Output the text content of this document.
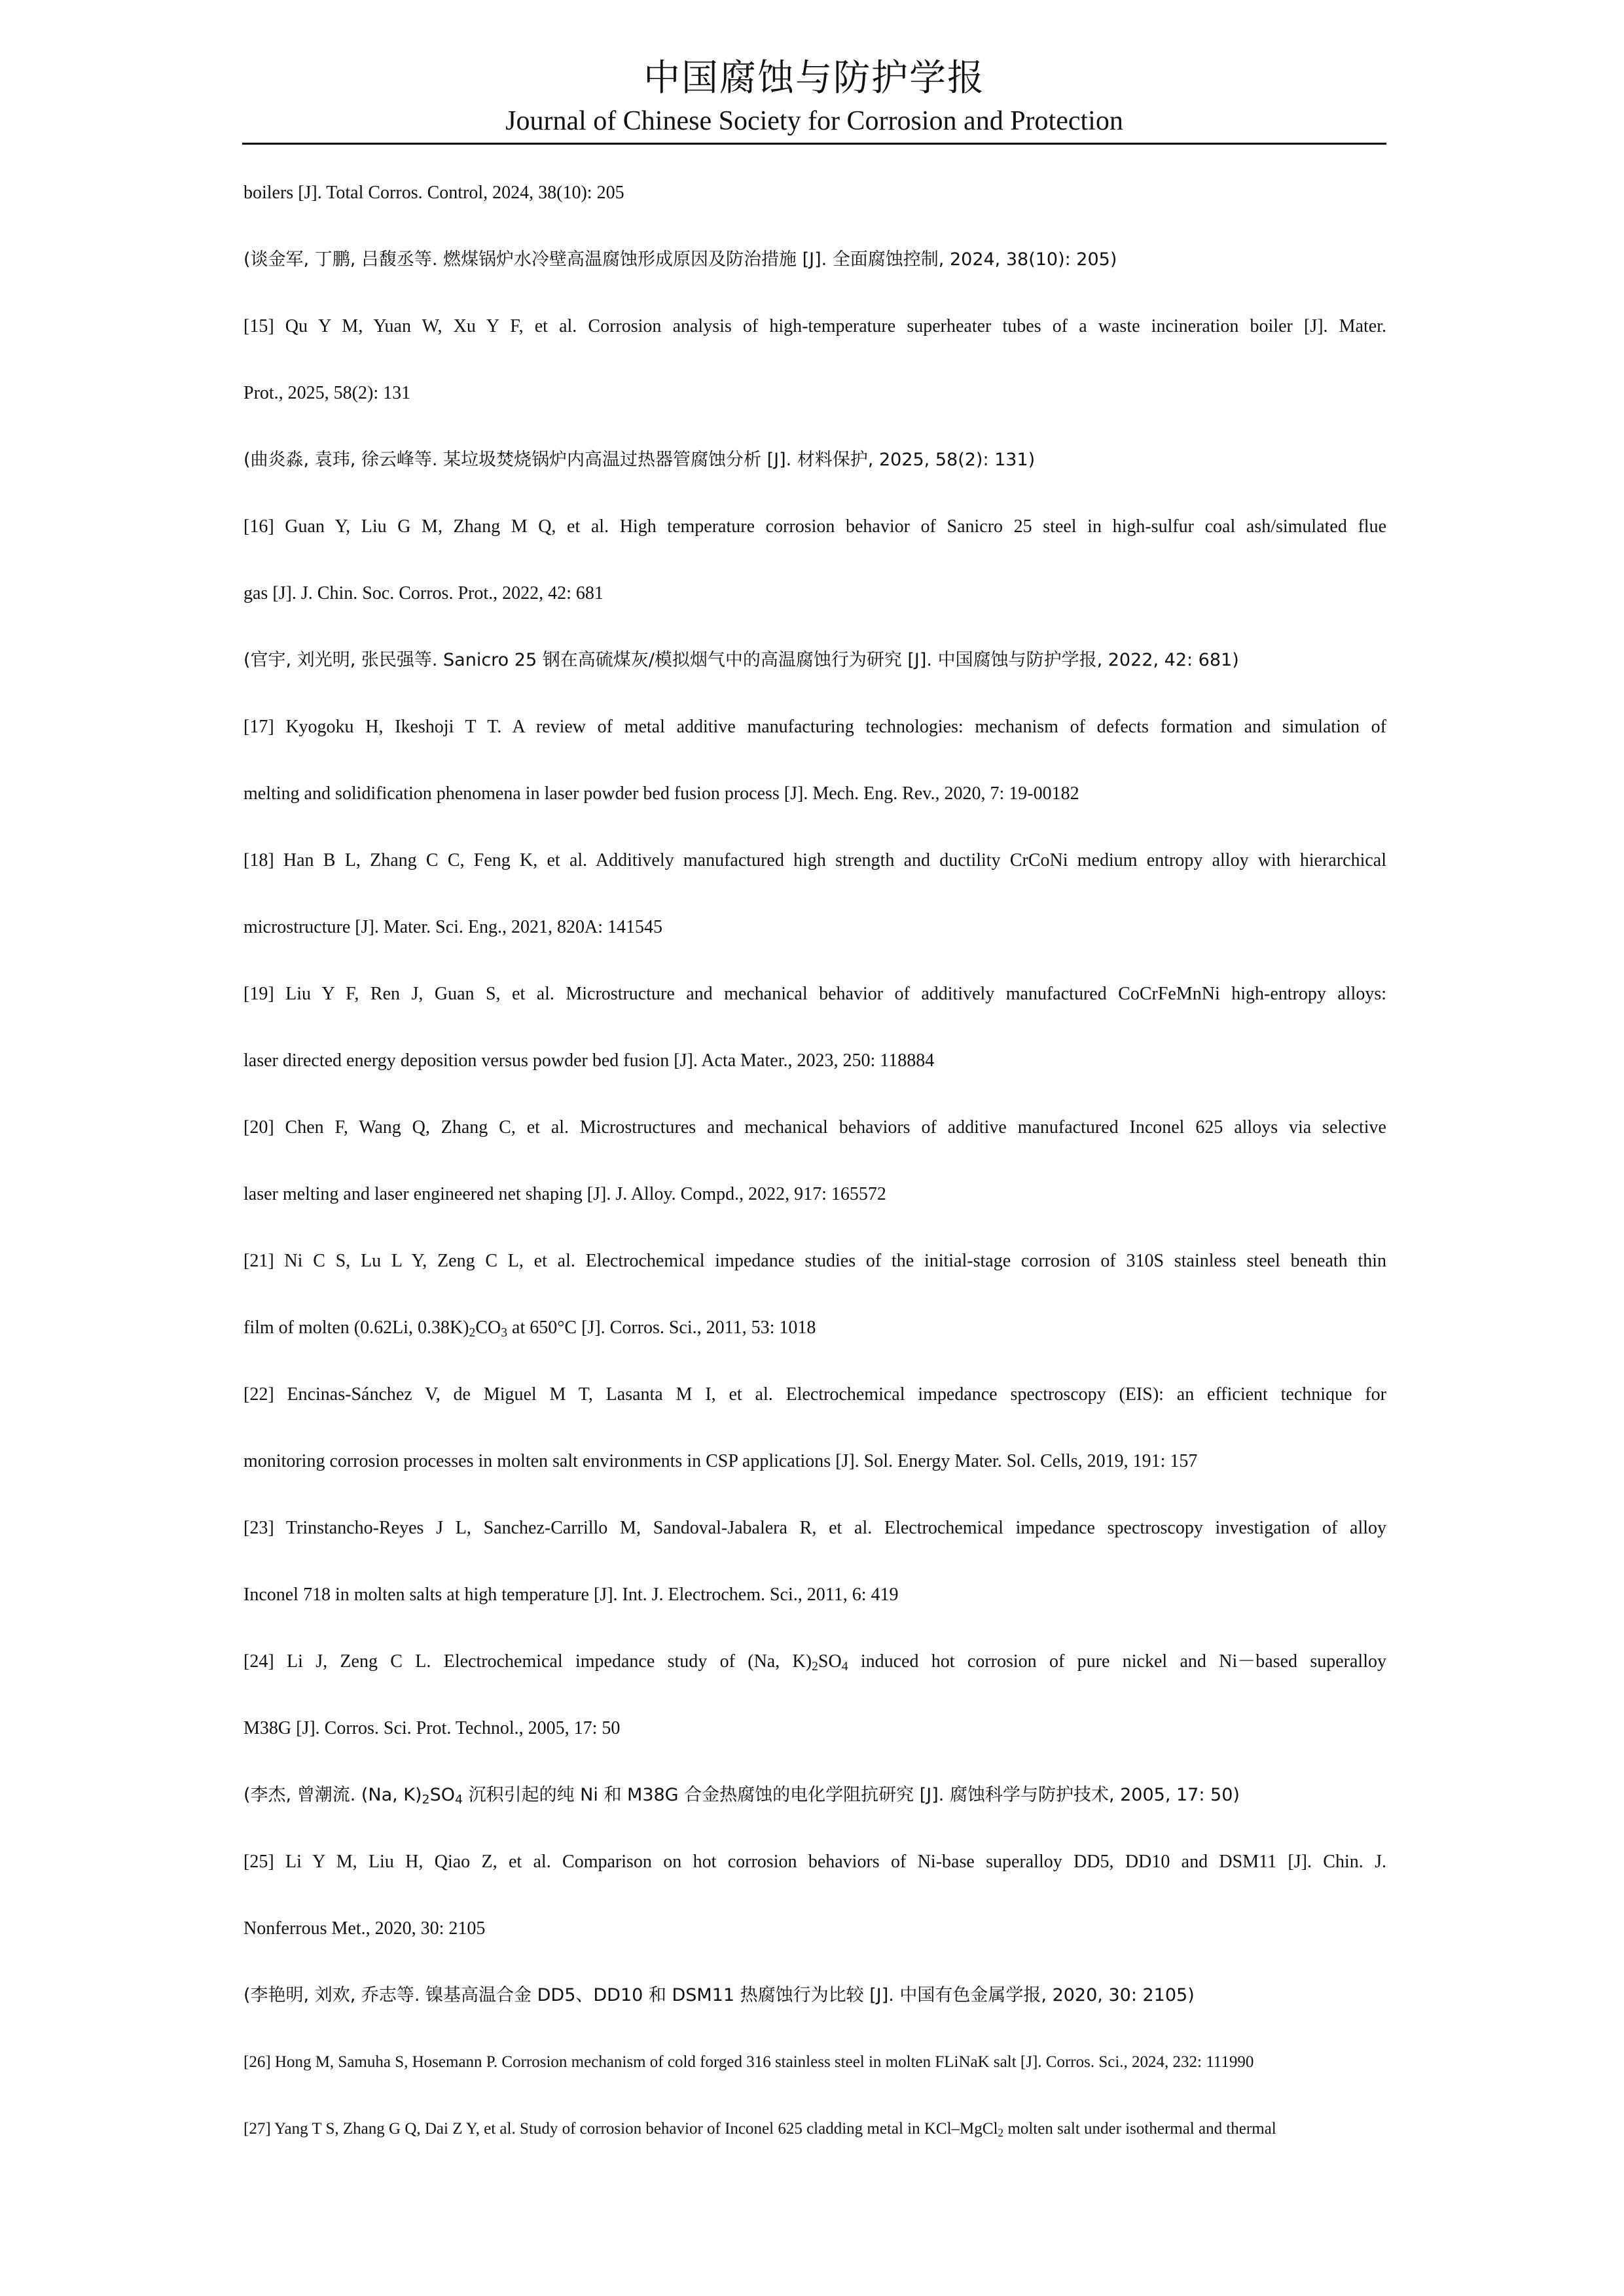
中国腐蚀与防护学报
Journal of Chinese Society for Corrosion and Protection
boilers [J]. Total Corros. Control, 2024, 38(10): 205
(谈金军, 丁鹏, 吕馥丞等. 燃煤锅炉水冷壁高温腐蚀形成原因及防治措施 [J]. 全面腐蚀控制, 2024, 38(10): 205)
[15] Qu Y M, Yuan W, Xu Y F, et al. Corrosion analysis of high-temperature superheater tubes of a waste incineration boiler [J]. Mater.
Prot., 2025, 58(2): 131
(曲炎淼, 袁玮, 徐云峰等. 某垃圾焚烧锅炉内高温过热器管腐蚀分析 [J]. 材料保护, 2025, 58(2): 131)
[16] Guan Y, Liu G M, Zhang M Q, et al. High temperature corrosion behavior of Sanicro 25 steel in high-sulfur coal ash/simulated flue
gas [J]. J. Chin. Soc. Corros. Prot., 2022, 42: 681
(官宇, 刘光明, 张民强等. Sanicro 25 钢在高硫煤灰/模拟烟气中的高温腐蚀行为研究 [J]. 中国腐蚀与防护学报, 2022, 42: 681)
[17] Kyogoku H, Ikeshoji T T. A review of metal additive manufacturing technologies: mechanism of defects formation and simulation of
melting and solidification phenomena in laser powder bed fusion process [J]. Mech. Eng. Rev., 2020, 7: 19-00182
[18] Han B L, Zhang C C, Feng K, et al. Additively manufactured high strength and ductility CrCoNi medium entropy alloy with hierarchical
microstructure [J]. Mater. Sci. Eng., 2021, 820A: 141545
[19] Liu Y F, Ren J, Guan S, et al. Microstructure and mechanical behavior of additively manufactured CoCrFeMnNi high-entropy alloys:
laser directed energy deposition versus powder bed fusion [J]. Acta Mater., 2023, 250: 118884
[20] Chen F, Wang Q, Zhang C, et al. Microstructures and mechanical behaviors of additive manufactured Inconel 625 alloys via selective
laser melting and laser engineered net shaping [J]. J. Alloy. Compd., 2022, 917: 165572
[21] Ni C S, Lu L Y, Zeng C L, et al. Electrochemical impedance studies of the initial-stage corrosion of 310S stainless steel beneath thin
film of molten (0.62Li, $0.38K)_2CO_3$ at 650°C [J]. Corros. Sci., 2011, 53: 1018
[22] Encinas-Sánchez V, de Miguel M T, Lasanta M I, et al. Electrochemical impedance spectroscopy (EIS): an efficient technique for
monitoring corrosion processes in molten salt environments in CSP applications [J]. Sol. Energy Mater. Sol. Cells, 2019, 191: 157
[23] Trinstancho-Reyes J L, Sanchez-Carrillo M, Sandoval-Jabalera R, et al. Electrochemical impedance spectroscopy investigation of alloy
Inconel 718 in molten salts at high temperature [J]. Int. J. Electrochem. Sci., 2011, 6: 419
[24] Li J, Zeng C L. Electrochemical impedance study of (Na, $K)_2SO_4$ induced hot corrosion of pure nickel and Ni－based superalloy
M38G [J]. Corros. Sci. Prot. Technol., 2005, 17: 50
(李杰, 曾潮流. (Na, $K)_2SO_4$ 沉积引起的纯 Ni 和 M38G 合金热腐蚀的电化学阻抗研究 [J]. 腐蚀科学与防护技术, 2005, 17: 50)
[25] Li Y M, Liu H, Qiao Z, et al. Comparison on hot corrosion behaviors of Ni-base superalloy DD5, DD10 and DSM11 [J]. Chin. J.
Nonferrous Met., 2020, 30: 2105
(李艳明, 刘欢, 乔志等. 镍基高温合金 DD5、DD10 和 DSM11 热腐蚀行为比较 [J]. 中国有色金属学报, 2020, 30: 2105)
[26] Hong M, Samuha S, Hosemann P. Corrosion mechanism of cold forged 316 stainless steel in molten FLiNaK salt [J]. Corros. Sci., 2024, 232: 111990
[27] Yang T S, Zhang G Q, Dai Z Y, et al. Study of corrosion behavior of Inconel 625 cladding metal in KCl–MgCl$_2$ molten salt under isothermal and thermal
